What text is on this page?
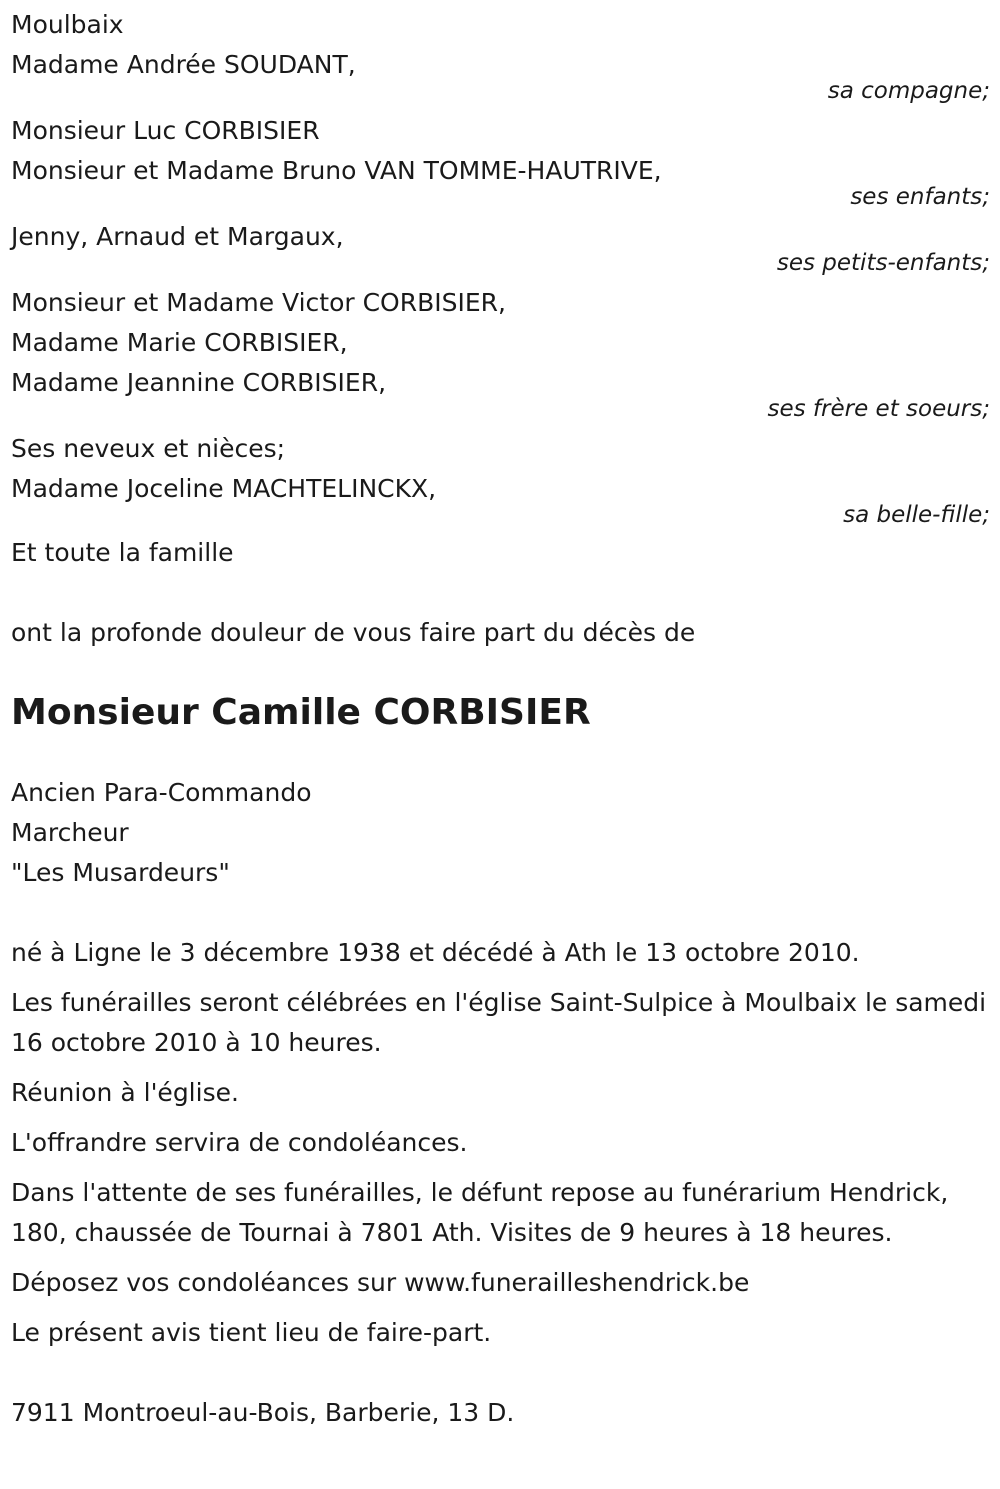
Moulbaix
Madame Andrée SOUDANT,
sa compagne;
Monsieur Luc CORBISIER
Monsieur et Madame Bruno VAN TOMME-HAUTRIVE,
ses enfants;
Jenny, Arnaud et Margaux,
ses petits-enfants;
Monsieur et Madame Victor CORBISIER,
Madame Marie CORBISIER,
Madame Jeannine CORBISIER,
ses frère et soeurs;
Ses neveux et nièces;
Madame Joceline MACHTELINCKX,
sa belle-fille;
Et toute la famille
ont la profonde douleur de vous faire part du décès de
Monsieur Camille CORBISIER
Ancien Para-Commando
Marcheur
"Les Musardeurs"

né à Ligne le 3 décembre 1938 et décédé à Ath le 13 octobre 2010.

Les funérailles seront célébrées en l'église Saint-Sulpice à Moulbaix le samedi 16 octobre 2010 à 10 heures.

Réunion à l'église.

L'offrandre servira de condoléances.

Dans l'attente de ses funérailles, le défunt repose au funérarium Hendrick, 180, chaussée de Tournai à 7801 Ath. Visites de 9 heures à 18 heures.

Déposez vos condoléances sur www.funerailleshendrick.be

Le présent avis tient lieu de faire-part.

7911 Montroeul-au-Bois, Barberie, 13 D.
